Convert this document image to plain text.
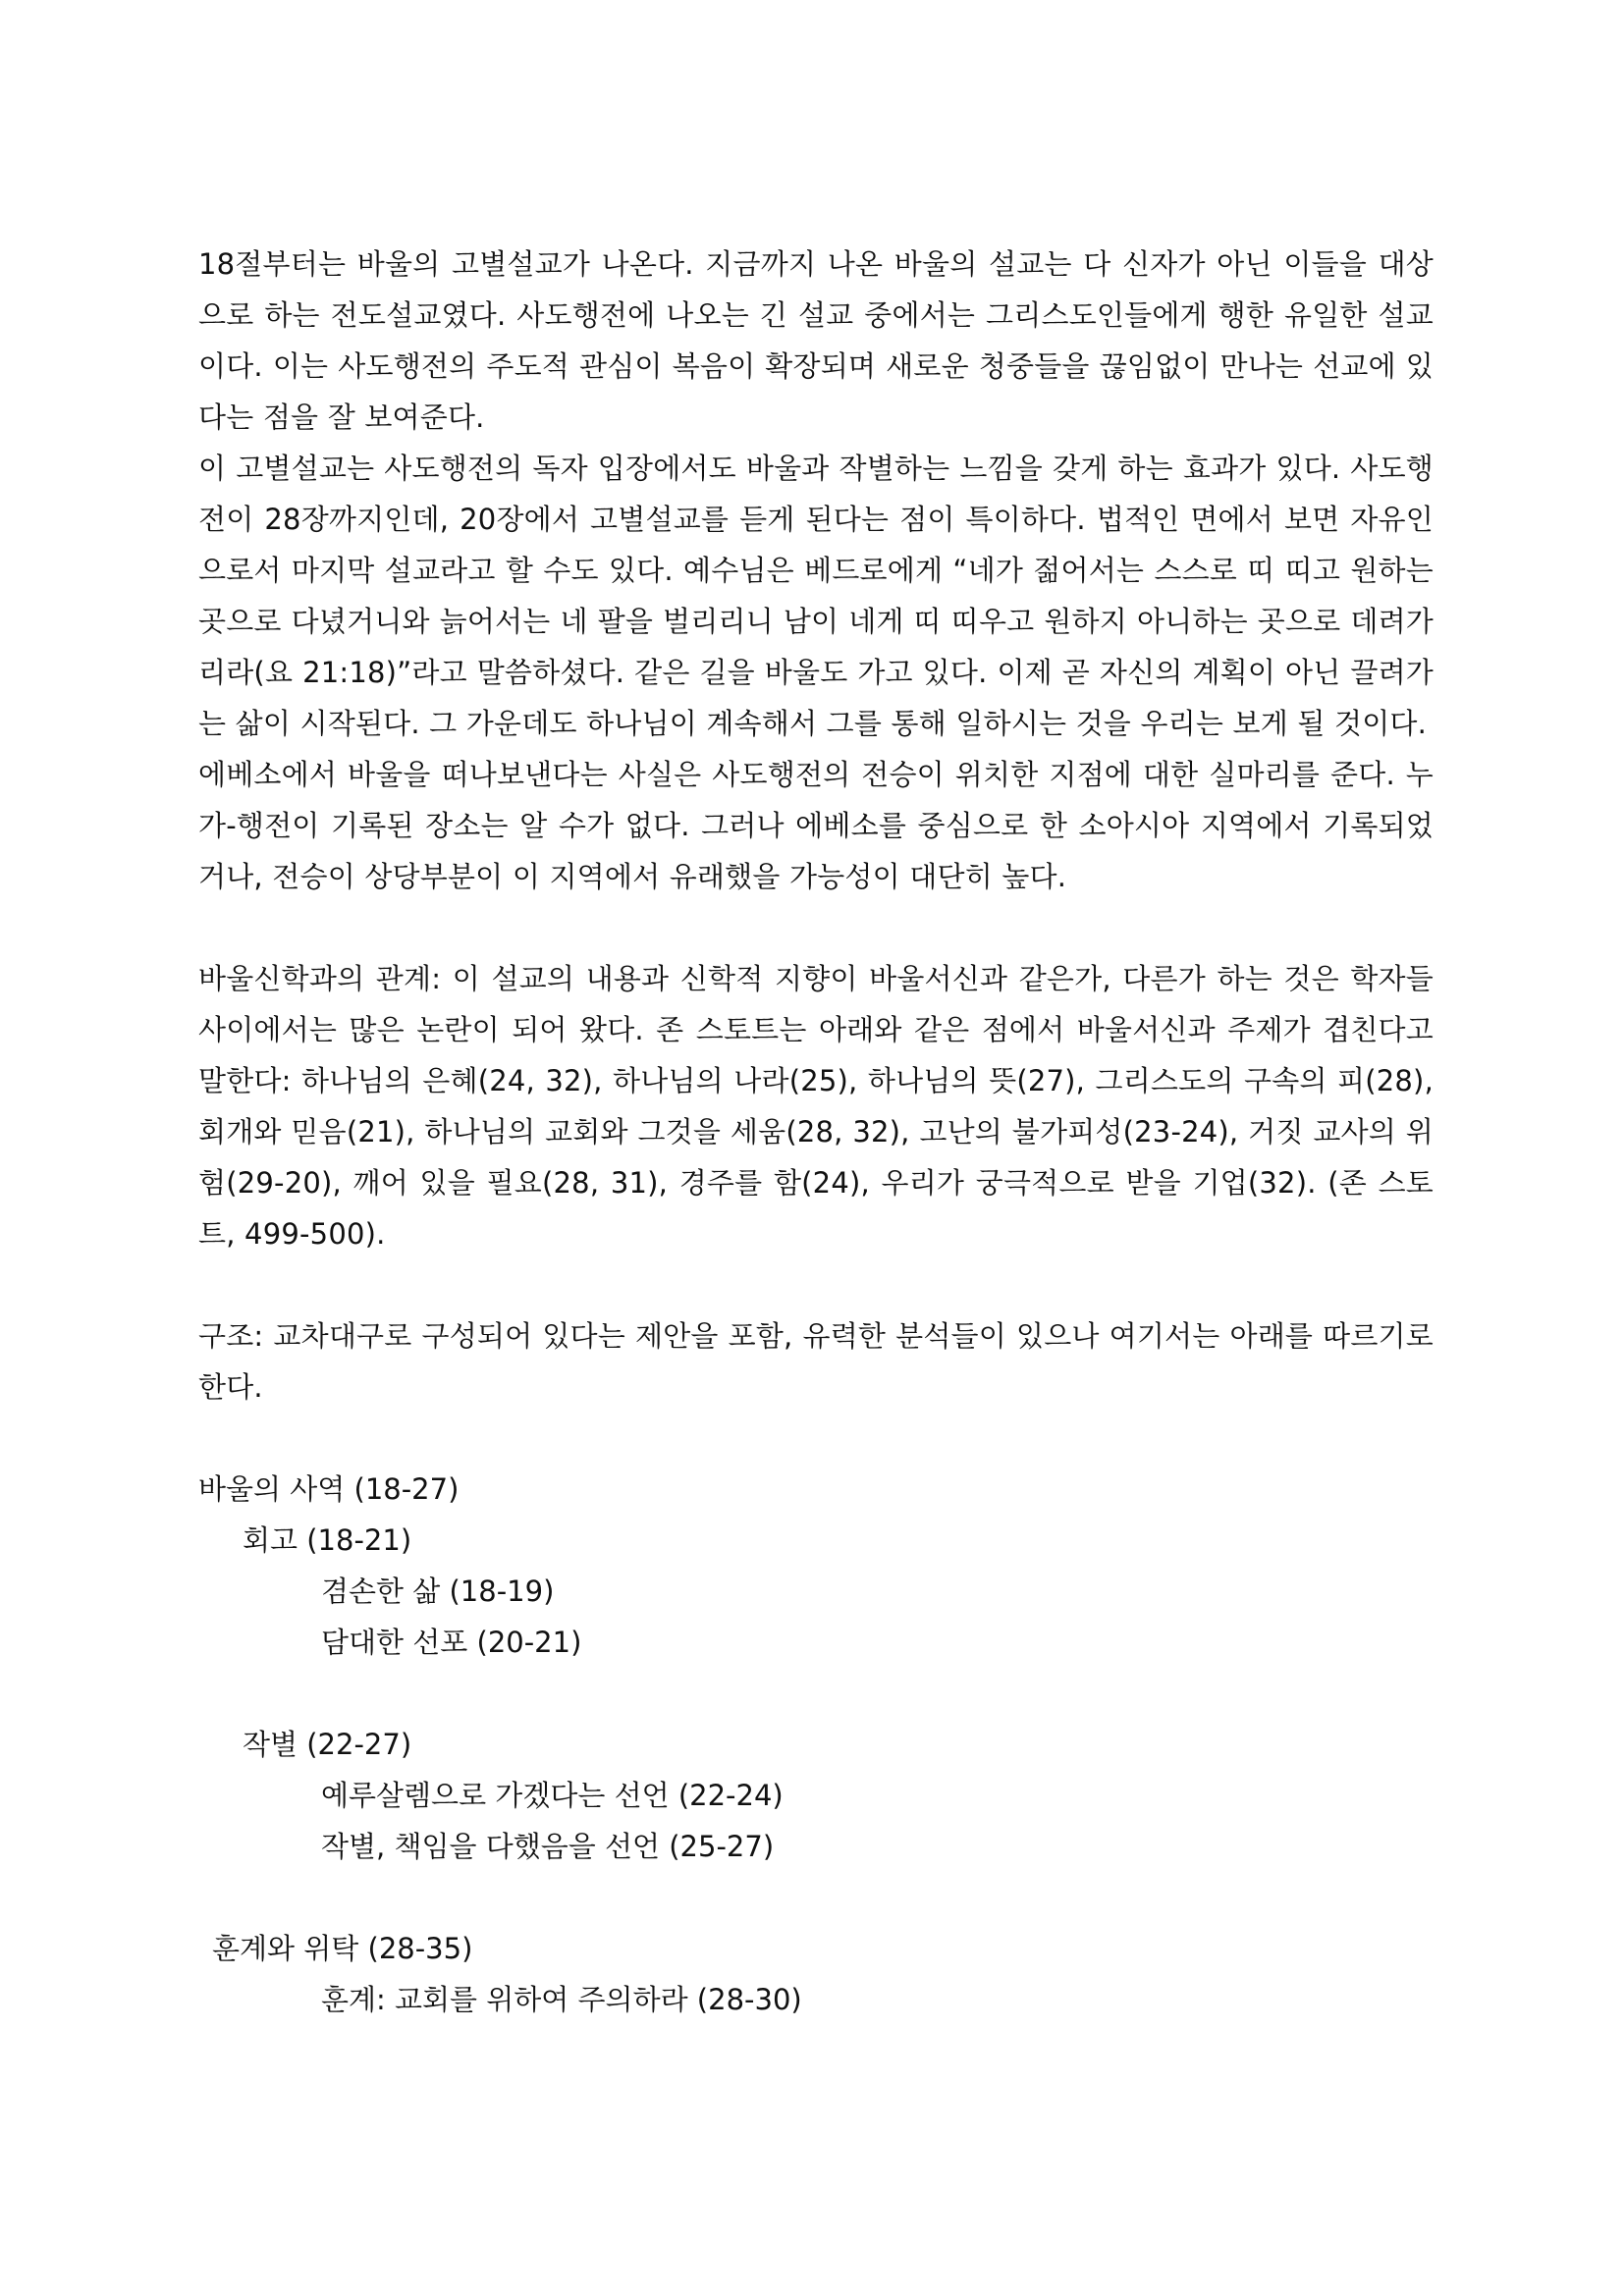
18절부터는 바울의 고별설교가 나온다. 지금까지 나온 바울의 설교는 다 신자가 아닌 이들을 대상으로 하는 전도설교였다. 사도행전에 나오는 긴 설교 중에서는 그리스도인들에게 행한 유일한 설교이다. 이는 사도행전의 주도적 관심이 복음이 확장되며 새로운 청중들을 끊임없이 만나는 선교에 있다는 점을 잘 보여준다.

이 고별설교는 사도행전의 독자 입장에서도 바울과 작별하는 느낌을 갖게 하는 효과가 있다. 사도행전이 28장까지인데, 20장에서 고별설교를 듣게 된다는 점이 특이하다. 법적인 면에서 보면 자유인으로서 마지막 설교라고 할 수도 있다. 예수님은 베드로에게 “네가 젊어서는 스스로 띠 띠고 원하는 곳으로 다녔거니와 늙어서는 네 팔을 벌리리니 남이 네게 띠 띠우고 원하지 아니하는 곳으로 데려가리라(요 21:18)”라고 말씀하셨다. 같은 길을 바울도 가고 있다. 이제 곧 자신의 계획이 아닌 끌려가는 삶이 시작된다. 그 가운데도 하나님이 계속해서 그를 통해 일하시는 것을 우리는 보게 될 것이다.

에베소에서 바울을 떠나보낸다는 사실은 사도행전의 전승이 위치한 지점에 대한 실마리를 준다. 누가-행전이 기록된 장소는 알 수가 없다. 그러나 에베소를 중심으로 한 소아시아 지역에서 기록되었거나, 전승이 상당부분이 이 지역에서 유래했을 가능성이 대단히 높다.

바울신학과의 관계: 이 설교의 내용과 신학적 지향이 바울서신과 같은가, 다른가 하는 것은 학자들 사이에서는 많은 논란이 되어 왔다. 존 스토트는 아래와 같은 점에서 바울서신과 주제가 겹친다고 말한다: 하나님의 은혜(24, 32), 하나님의 나라(25), 하나님의 뜻(27), 그리스도의 구속의 피(28), 회개와 믿음(21), 하나님의 교회와 그것을 세움(28, 32), 고난의 불가피성(23-24), 거짓 교사의 위험(29-20), 깨어 있을 필요(28, 31), 경주를 함(24), 우리가 궁극적으로 받을 기업(32). (존 스토트, 499-500).

구조: 교차대구로 구성되어 있다는 제안을 포함, 유력한 분석들이 있으나 여기서는 아래를 따르기로 한다.

바울의 사역 (18-27)
회고 (18-21)
겸손한 삶 (18-19)
담대한 선포 (20-21)
작별 (22-27)
예루살렘으로 가겠다는 선언 (22-24)
작별, 책임을 다했음을 선언 (25-27)
훈계와 위탁 (28-35)
훈계: 교회를 위하여 주의하라 (28-30)
